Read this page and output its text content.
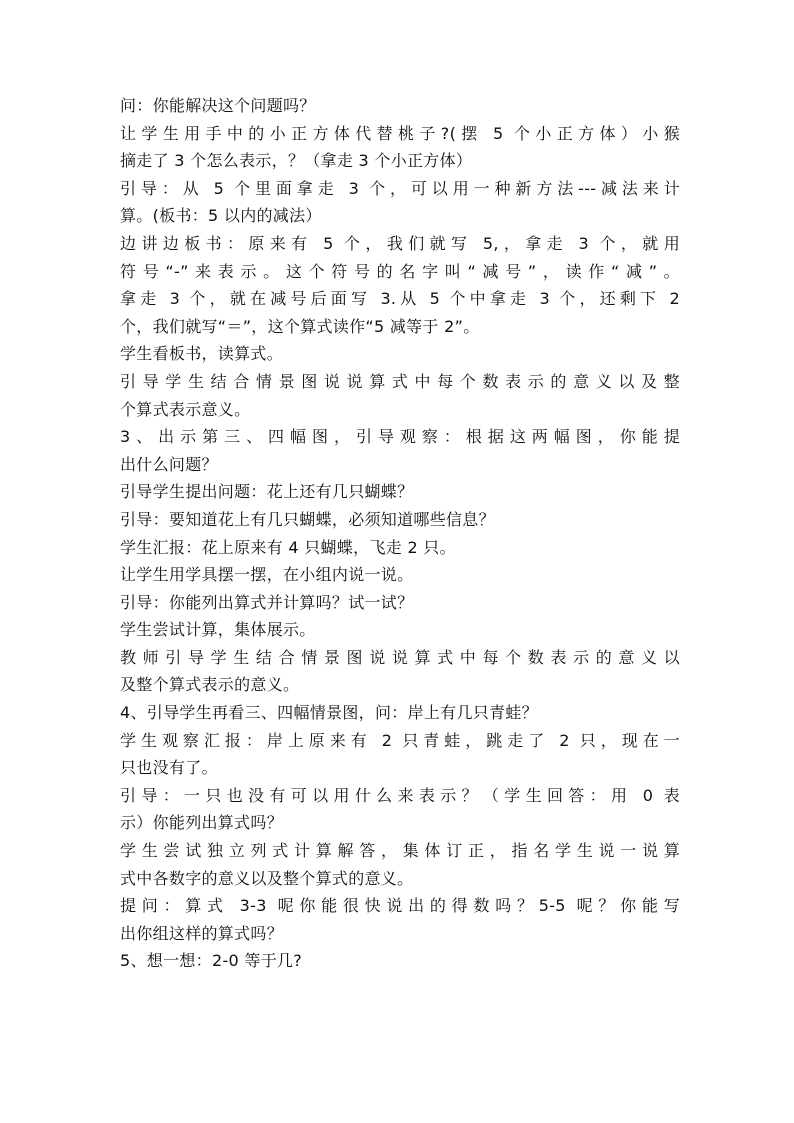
问：你能解决这个问题吗？
让学生用手中的小正方体代替桃子?(摆 5 个小正方体）小猴
摘走了 3 个怎么表示，？（拿走 3 个小正方体）
引导：从 5 个里面拿走 3 个，可以用一种新方法---减法来计
算。(板书：5 以内的减法）
边讲边板书：原来有 5 个，我们就写 5,，拿走 3 个，就用
符号“-”来表示。这个符号的名字叫“减号”，读作“减”。
拿走 3 个，就在减号后面写 3.从 5 个中拿走 3 个，还剩下 2
个，我们就写“＝”，这个算式读作“5 减等于 2”。
学生看板书，读算式。
引导学生结合情景图说说算式中每个数表示的意义以及整
个算式表示意义。
3、出示第三、四幅图，引导观察：根据这两幅图，你能提
出什么问题？
引导学生提出问题：花上还有几只蝴蝶？
引导：要知道花上有几只蝴蝶，必须知道哪些信息？
学生汇报：花上原来有 4 只蝴蝶，飞走 2 只。
让学生用学具摆一摆，在小组内说一说。
引导：你能列出算式并计算吗？试一试？
学生尝试计算，集体展示。
教师引导学生结合情景图说说算式中每个数表示的意义以
及整个算式表示的意义。
4、引导学生再看三、四幅情景图，问：岸上有几只青蛙？
学生观察汇报：岸上原来有 2 只青蛙，跳走了 2 只，现在一
只也没有了。
引导：一只也没有可以用什么来表示？（学生回答：用 0 表
示）你能列出算式吗？
学生尝试独立列式计算解答，集体订正，指名学生说一说算
式中各数字的意义以及整个算式的意义。
提问：算式 3-3 呢你能很快说出的得数吗？5-5 呢？你能写
出你组这样的算式吗？
5、想一想：2-0 等于几?
